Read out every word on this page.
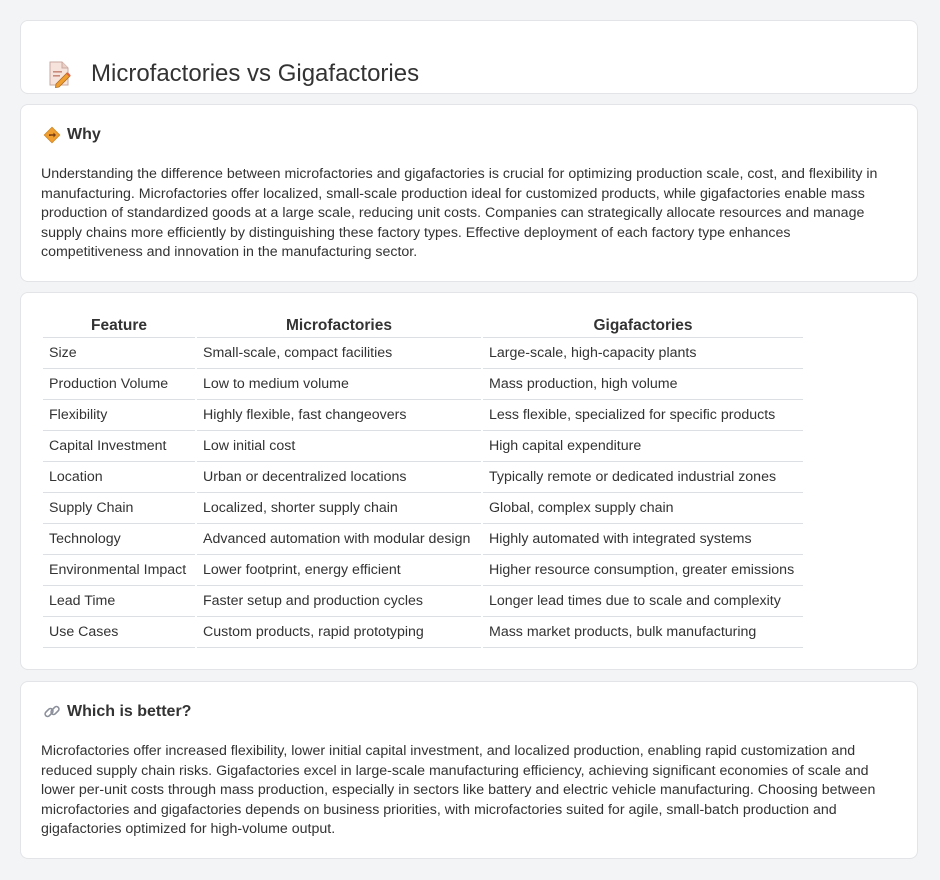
Microfactories vs Gigafactories
Why

Understanding the difference between microfactories and gigafactories is crucial for optimizing production scale, cost, and flexibility in manufacturing. Microfactories offer localized, small-scale production ideal for customized products, while gigafactories enable mass production of standardized goods at a large scale, reducing unit costs. Companies can strategically allocate resources and manage supply chains more efficiently by distinguishing these factory types. Effective deployment of each factory type enhances competitiveness and innovation in the manufacturing sector.

Feature	Microfactories	Gigafactories
Size	Small-scale, compact facilities	Large-scale, high-capacity plants
Production Volume	Low to medium volume	Mass production, high volume
Flexibility	Highly flexible, fast changeovers	Less flexible, specialized for specific products
Capital Investment	Low initial cost	High capital expenditure
Location	Urban or decentralized locations	Typically remote or dedicated industrial zones
Supply Chain	Localized, shorter supply chain	Global, complex supply chain
Technology	Advanced automation with modular design	Highly automated with integrated systems
Environmental Impact	Lower footprint, energy efficient	Higher resource consumption, greater emissions
Lead Time	Faster setup and production cycles	Longer lead times due to scale and complexity
Use Cases	Custom products, rapid prototyping	Mass market products, bulk manufacturing
Which is better?

Microfactories offer increased flexibility, lower initial capital investment, and localized production, enabling rapid customization and reduced supply chain risks. Gigafactories excel in large-scale manufacturing efficiency, achieving significant economies of scale and lower per-unit costs through mass production, especially in sectors like battery and electric vehicle manufacturing. Choosing between microfactories and gigafactories depends on business priorities, with microfactories suited for agile, small-batch production and gigafactories optimized for high-volume output.
